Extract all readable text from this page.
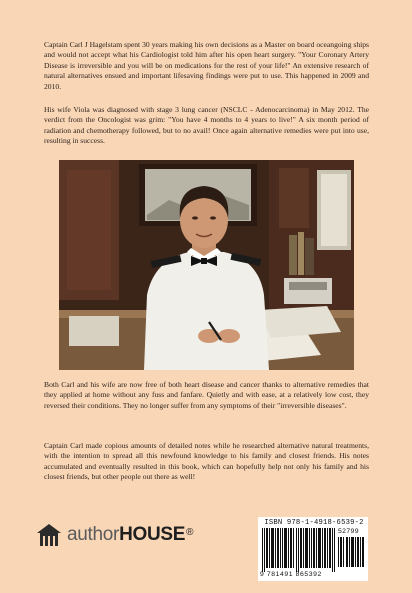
Captain Carl J Hagelstam spent 30 years making his own decisions as a Master on board oceangoing ships and would not accept what his Cardiologist told him after his open heart surgery. "Your Coronary Artery Disease is irreversible and you will be on medications for the rest of your life!" An extensive research of natural alternatives ensued and important lifesaving findings were put to use. This happened in 2009 and 2010.

His wife Viola was diagnosed with stage 3 lung cancer (NSCLC - Adenocarcinoma) in May 2012. The verdict from the Oncologist was grim: "You have 4 months to 4 years to live!" A six month period of radiation and chemotherapy followed, but to no avail! Once again alternative remedies were put into use, resulting in success.

Both Carl and his wife are now free of both heart disease and cancer thanks to alternative remedies that they applied at home without any fuss and fanfare. Quietly and with ease, at a relatively low cost, they reversed their conditions. They no longer suffer from any symptoms of their "irreversible diseases".

Captain Carl made copious amounts of detailed notes while he researched alternative natural treatments, with the intention to spread all this newfound knowledge to his family and closest friends. His notes accumulated and eventually resulted in this book, which can hopefully help not only his family and his closest friends, but other people out there as well!

authorHOUSE®
ISBN 978-1-4918-6539-2
52799
9 781491 865392
